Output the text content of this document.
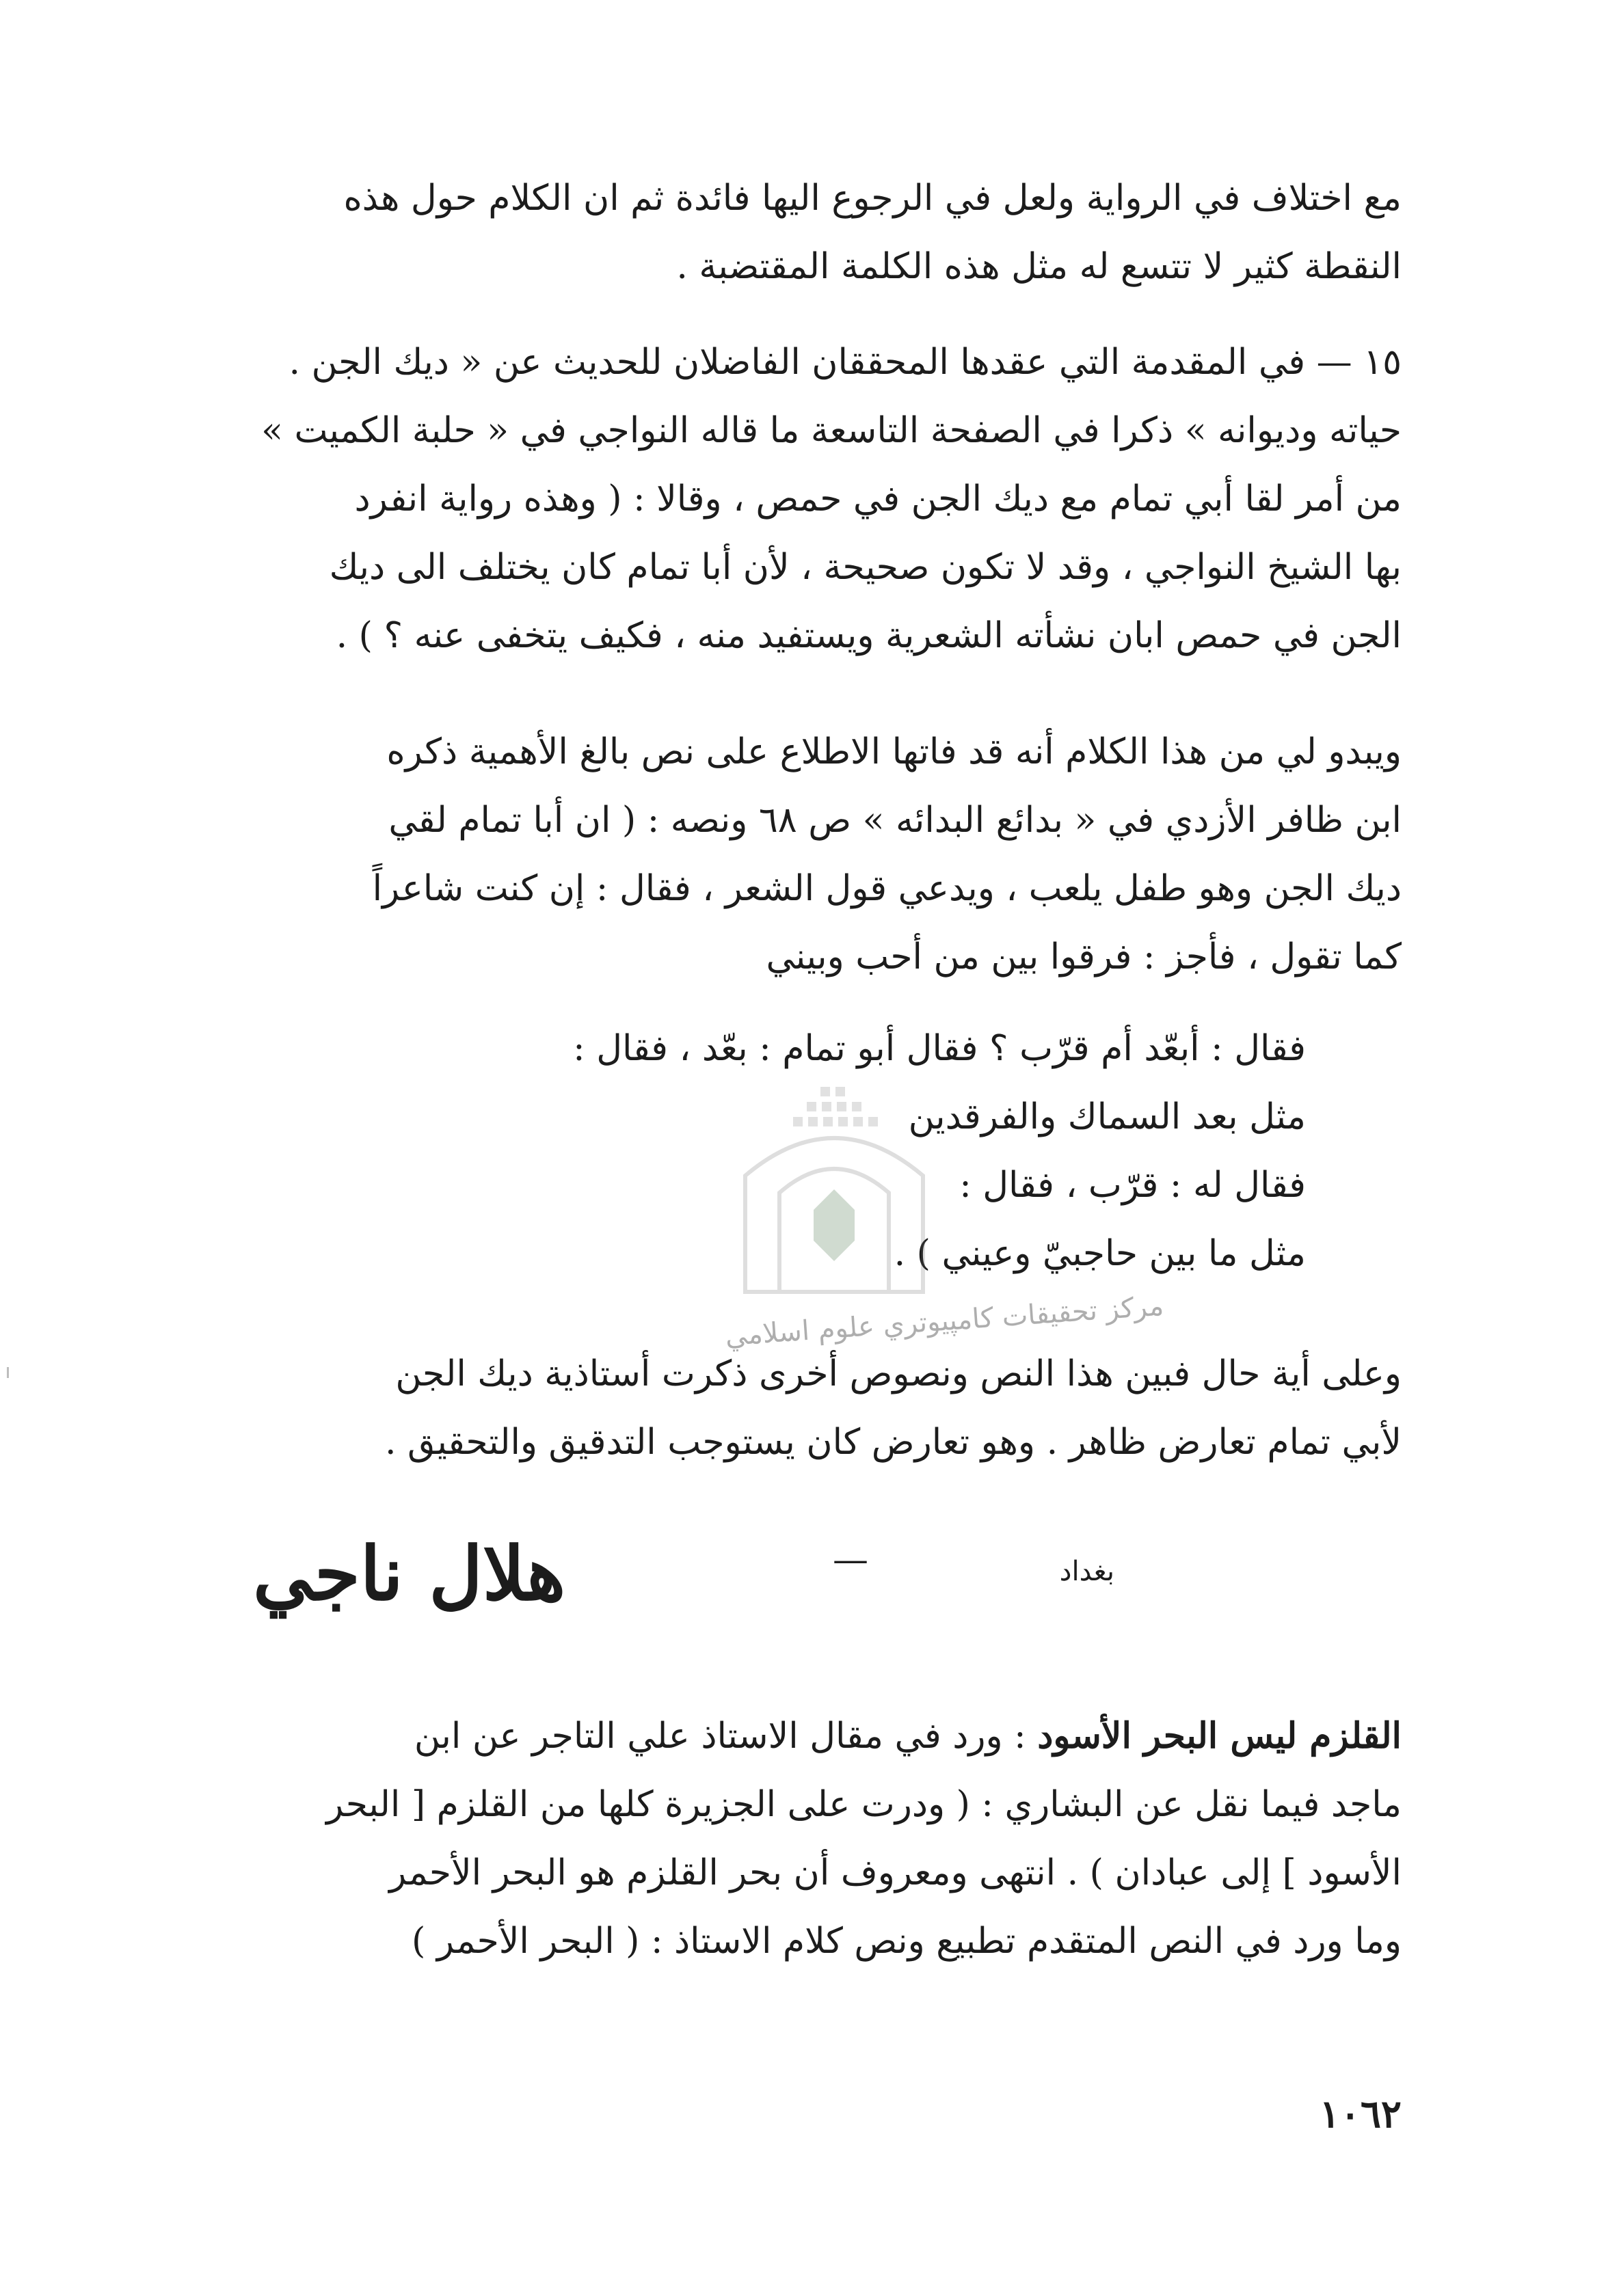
مع اختلاف في الرواية ولعل في الرجوع اليها فائدة ثم ان الكلام حول هذه
النقطة كثير لا تتسع له مثل هذه الكلمة المقتضبة .
١٥ — في المقدمة التي عقدها المحققان الفاضلان للحديث عن « ديك الجن .
حياته وديوانه » ذكرا في الصفحة التاسعة ما قاله النواجي في « حلبة الكميت »
من أمر لقا أبي تمام مع ديك الجن في حمص ، وقالا : ( وهذه رواية انفرد
بها الشيخ النواجي ، وقد لا تكون صحيحة ، لأن أبا تمام كان يختلف الى ديك
الجن في حمص ابان نشأته الشعرية ويستفيد منه ، فكيف يتخفى عنه ؟ ) .
ويبدو لي من هذا الكلام أنه قد فاتها الاطلاع على نص بالغ الأهمية ذكره
ابن ظافر الأزدي في « بدائع البدائه » ص ٦٨ ونصه : ( ان أبا تمام لقي
ديك الجن وهو طفل يلعب ، ويدعي قول الشعر ، فقال : إن كنت شاعراً
كما تقول ، فأجز : فرقوا بين من أحب وبيني
فقال : أبعّد أم قرّب ؟ فقال أبو تمام : بعّد ، فقال :
مثل بعد السماك والفرقدين
فقال له : قرّب ، فقال :
مثل ما بين حاجبيّ وعيني ) .
مركز تحقيقات كامپيوتري علوم اسلامي
وعلى أية حال فبين هذا النص ونصوص أخرى ذكرت أستاذية ديك الجن
لأبي تمام تعارض ظاهر . وهو تعارض كان يستوجب التدقيق والتحقيق .
بغداد
—
هلال ناجي
القلزم ليس البحر الأسود : ورد في مقال الاستاذ علي التاجر عن ابن
ماجد فيما نقل عن البشاري : ( ودرت على الجزيرة كلها من القلزم [ البحر
الأسود ] إلى عبادان ) . انتهى ومعروف أن بحر القلزم هو البحر الأحمر
وما ورد في النص المتقدم تطبيع ونص كلام الاستاذ : ( البحر الأحمر )
١٠٦٢
